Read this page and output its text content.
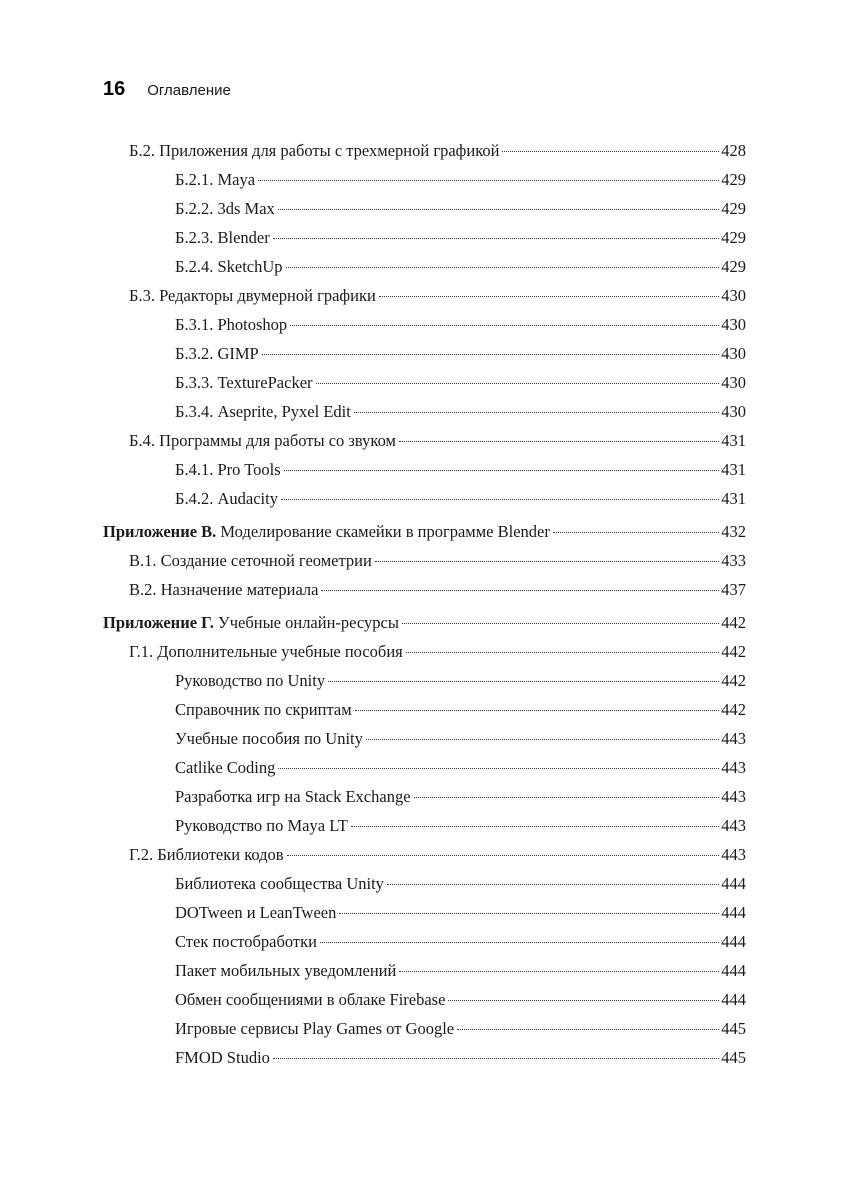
16 Оглавление
Б.2. Приложения для работы с трехмерной графикой	428
Б.2.1. Maya	429
Б.2.2. 3ds Max	429
Б.2.3. Blender	429
Б.2.4. SketchUp	429
Б.3. Редакторы двумерной графики	430
Б.3.1. Photoshop	430
Б.3.2. GIMP	430
Б.3.3. TexturePacker	430
Б.3.4. Aseprite, Pyxel Edit	430
Б.4. Программы для работы со звуком	431
Б.4.1. Pro Tools	431
Б.4.2. Audacity	431
Приложение В. Моделирование скамейки в программе Blender	432
В.1. Создание сеточной геометрии	433
В.2. Назначение материала	437
Приложение Г. Учебные онлайн-ресурсы	442
Г.1. Дополнительные учебные пособия	442
Руководство по Unity	442
Справочник по скриптам	442
Учебные пособия по Unity	443
Catlike Coding	443
Разработка игр на Stack Exchange	443
Руководство по Maya LT	443
Г.2. Библиотеки кодов	443
Библиотека сообщества Unity	444
DOTween и LeanTween	444
Стек постобработки	444
Пакет мобильных уведомлений	444
Обмен сообщениями в облаке Firebase	444
Игровые сервисы Play Games от Google	445
FMOD Studio	445
